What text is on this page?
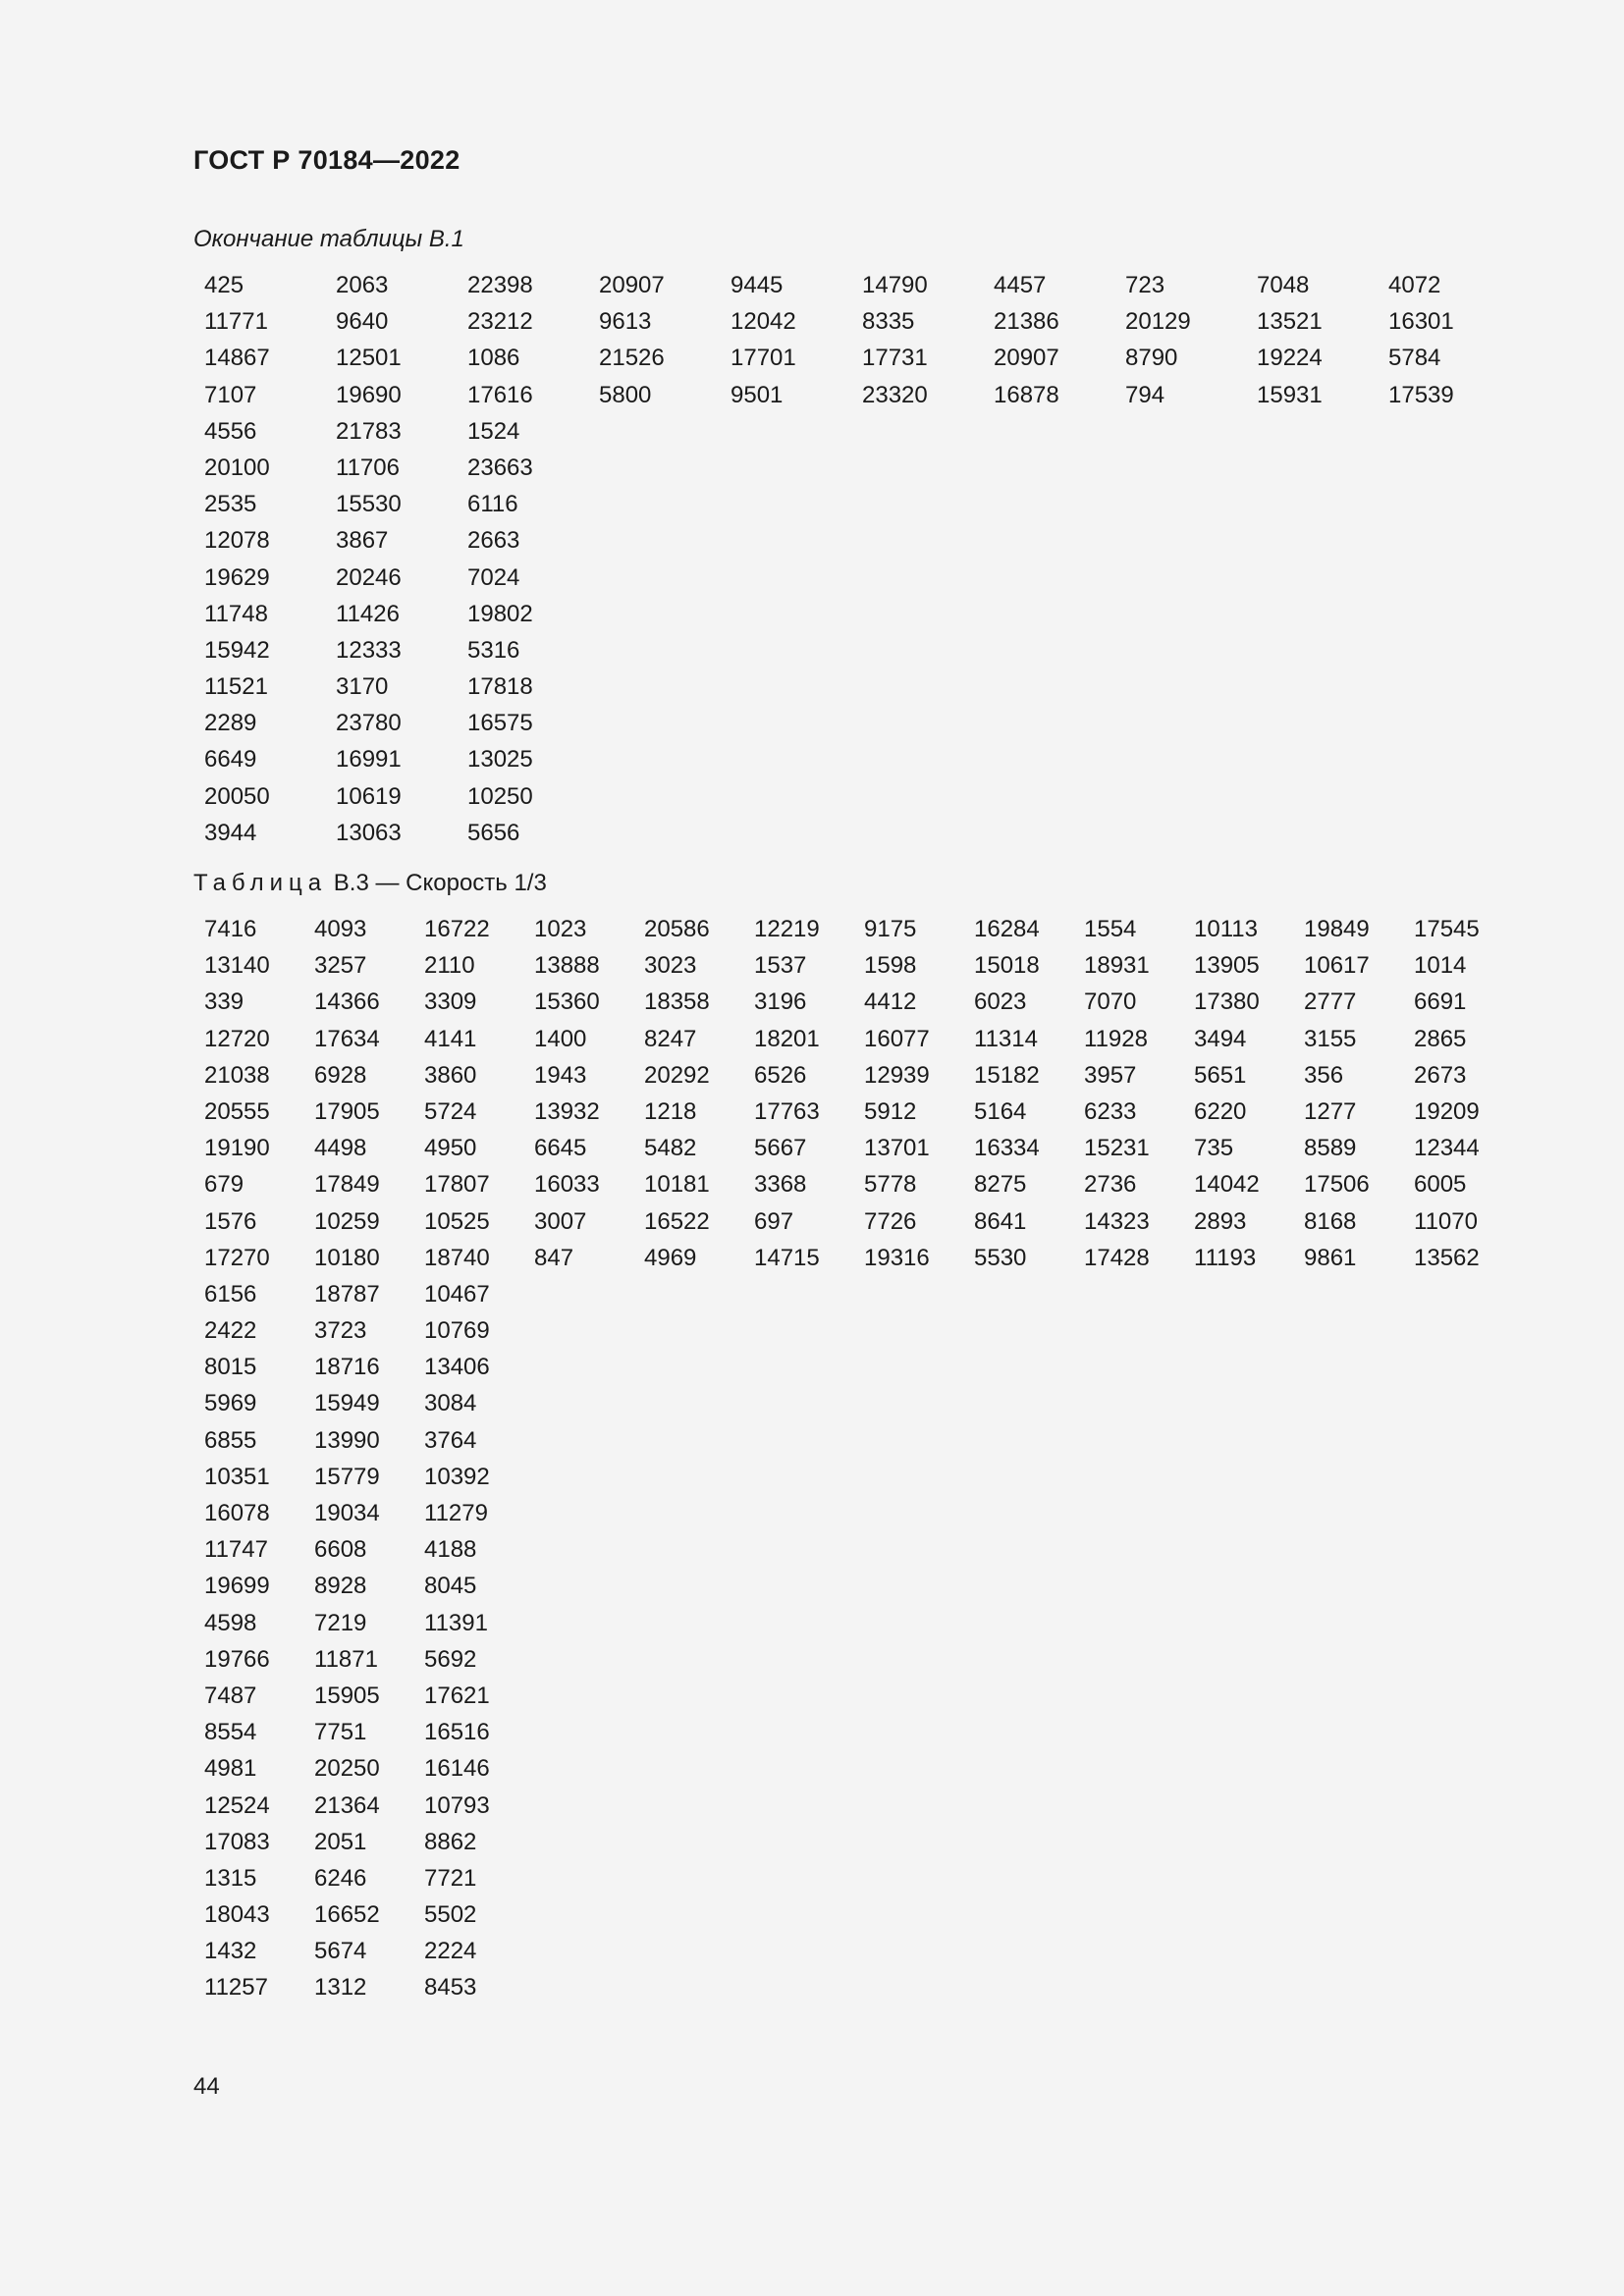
ГОСТ Р 70184—2022
Окончание таблицы В.1
425	2063	22398	20907	9445	14790	4457	723	7048	4072
11771	9640	23212	9613	12042	8335	21386	20129	13521	16301
14867	12501	1086	21526	17701	17731	20907	8790	19224	5784
7107	19690	17616	5800	9501	23320	16878	794	15931	17539
4556	21783	1524							
20100	11706	23663							
2535	15530	6116							
12078	3867	2663							
19629	20246	7024							
11748	11426	19802							
15942	12333	5316							
11521	3170	17818							
2289	23780	16575							
6649	16991	13025							
20050	10619	10250							
3944	13063	5656							
Таблица В.3 — Скорость 1/3
7416	4093	16722	1023	20586	12219	9175	16284	1554	10113	19849	17545
13140	3257	2110	13888	3023	1537	1598	15018	18931	13905	10617	1014
339	14366	3309	15360	18358	3196	4412	6023	7070	17380	2777	6691
12720	17634	4141	1400	8247	18201	16077	11314	11928	3494	3155	2865
21038	6928	3860	1943	20292	6526	12939	15182	3957	5651	356	2673
20555	17905	5724	13932	1218	17763	5912	5164	6233	6220	1277	19209
19190	4498	4950	6645	5482	5667	13701	16334	15231	735	8589	12344
679	17849	17807	16033	10181	3368	5778	8275	2736	14042	17506	6005
1576	10259	10525	3007	16522	697	7726	8641	14323	2893	8168	11070
17270	10180	18740	847	4969	14715	19316	5530	17428	11193	9861	13562
6156	18787	10467									
2422	3723	10769									
8015	18716	13406									
5969	15949	3084									
6855	13990	3764									
10351	15779	10392									
16078	19034	11279									
11747	6608	4188									
19699	8928	8045									
4598	7219	11391									
19766	11871	5692									
7487	15905	17621									
8554	7751	16516									
4981	20250	16146									
12524	21364	10793									
17083	2051	8862									
1315	6246	7721									
18043	16652	5502									
1432	5674	2224									
11257	1312	8453									
44
